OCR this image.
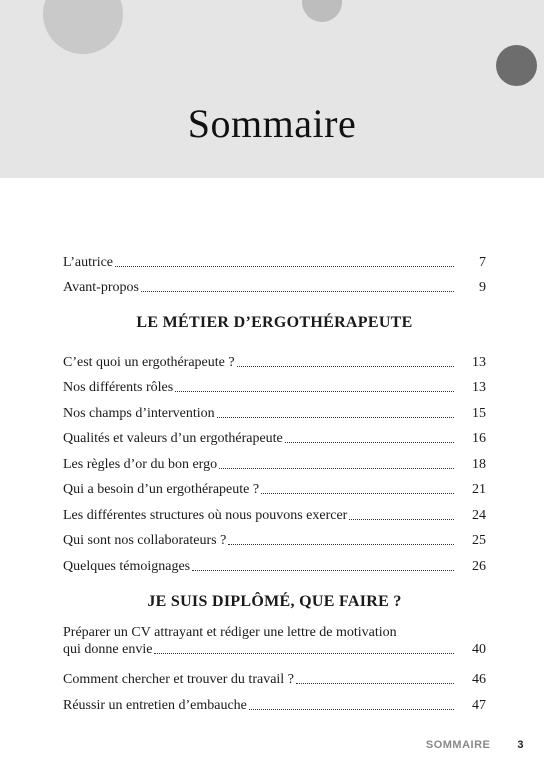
Sommaire
L’autrice	7
Avant-propos	9
LE MÉTIER D’ERGOTHÉRAPEUTE
C’est quoi un ergothérapeute ?	13
Nos différents rôles	13
Nos champs d’intervention	15
Qualités et valeurs d’un ergothérapeute	16
Les règles d’or du bon ergo	18
Qui a besoin d’un ergothérapeute ?	21
Les différentes structures où nous pouvons exercer	24
Qui sont nos collaborateurs ?	25
Quelques témoignages	26
JE SUIS DIPLÔMÉ, QUE FAIRE ?
Préparer un CV attrayant et rédiger une lettre de motivation
qui donne envie	40
Comment chercher et trouver du travail ?	46
Réussir un entretien d’embauche	47
SOMMAIRE 3
